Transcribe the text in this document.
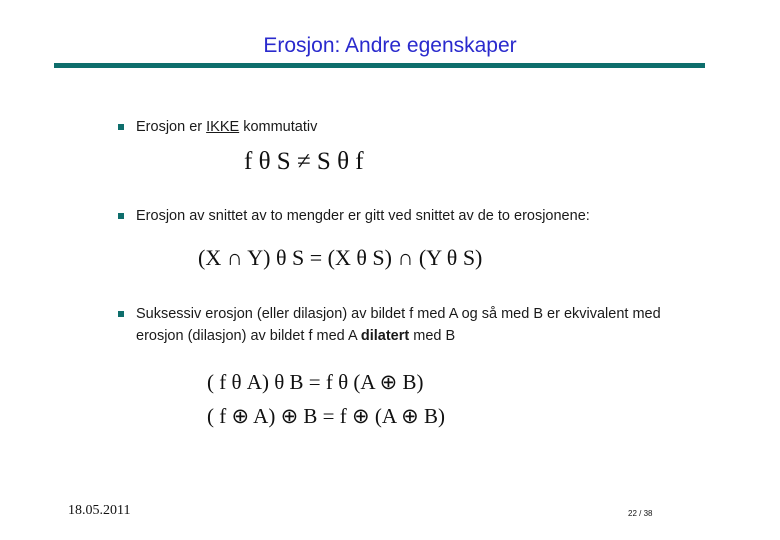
Erosjon: Andre egenskaper
Erosjon er IKKE kommutativ
f θ S ≠ S θ f
Erosjon av snittet av to mengder er gitt ved snittet av de to erosjonene:
(X ∩ Y) θ S = (X θ S) ∩ (Y θ S)
Suksessiv erosjon (eller dilasjon) av bildet f med A og så med B er ekvivalent med
erosjon (dilasjon) av bildet f med A dilatert med B
( f θ A) θ B = f θ (A ⊕ B)
( f ⊕ A) ⊕ B = f ⊕ (A ⊕ B)
18.05.2011	22 / 38
